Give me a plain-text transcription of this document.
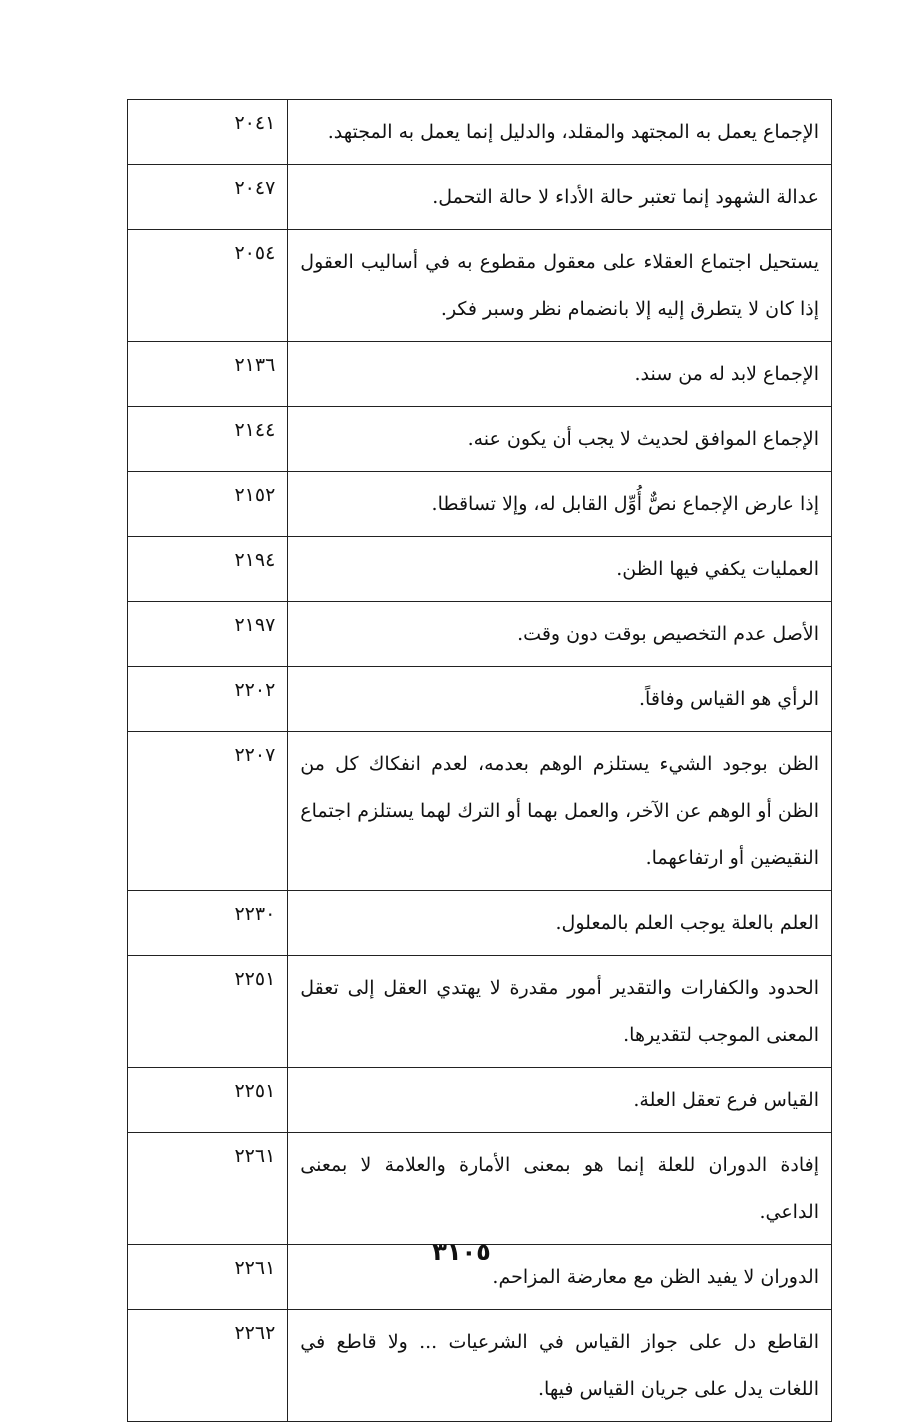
الإجماع يعمل به المجتهد والمقلد، والدليل إنما يعمل به المجتهد.	٢٠٤١
عدالة الشهود إنما تعتبر حالة الأداء لا حالة التحمل.	٢٠٤٧
يستحيل اجتماع العقلاء على معقول مقطوع به في أساليب العقول إذا كان لا يتطرق إليه إلا بانضمام نظر وسبر فكر.	٢٠٥٤
الإجماع لابد له من سند.	٢١٣٦
الإجماع الموافق لحديث لا يجب أن يكون عنه.	٢١٤٤
إذا عارض الإجماع نصٌّ أُوِّل القابل له، وإلا تساقطا.	٢١٥٢
العمليات يكفي فيها الظن.	٢١٩٤
الأصل عدم التخصيص بوقت دون وقت.	٢١٩٧
الرأي هو القياس وفاقاً.	٢٢٠٢
الظن بوجود الشيء يستلزم الوهم بعدمه، لعدم انفكاك كل من الظن أو الوهم عن الآخر، والعمل بهما أو الترك لهما يستلزم اجتماع النقيضين أو ارتفاعهما.	٢٢٠٧
العلم بالعلة يوجب العلم بالمعلول.	٢٢٣٠
الحدود والكفارات والتقدير أمور مقدرة لا يهتدي العقل إلى تعقل المعنى الموجب لتقديرها.	٢٢٥١
القياس فرع تعقل العلة.	٢٢٥١
إفادة الدوران للعلة إنما هو بمعنى الأمارة والعلامة لا بمعنى الداعي.	٢٢٦١
الدوران لا يفيد الظن مع معارضة المزاحم.	٢٢٦١
القاطع دل على جواز القياس في الشرعيات ... ولا قاطع في اللغات يدل على جريان القياس فيها.	٢٢٦٢
٣١٠٥
